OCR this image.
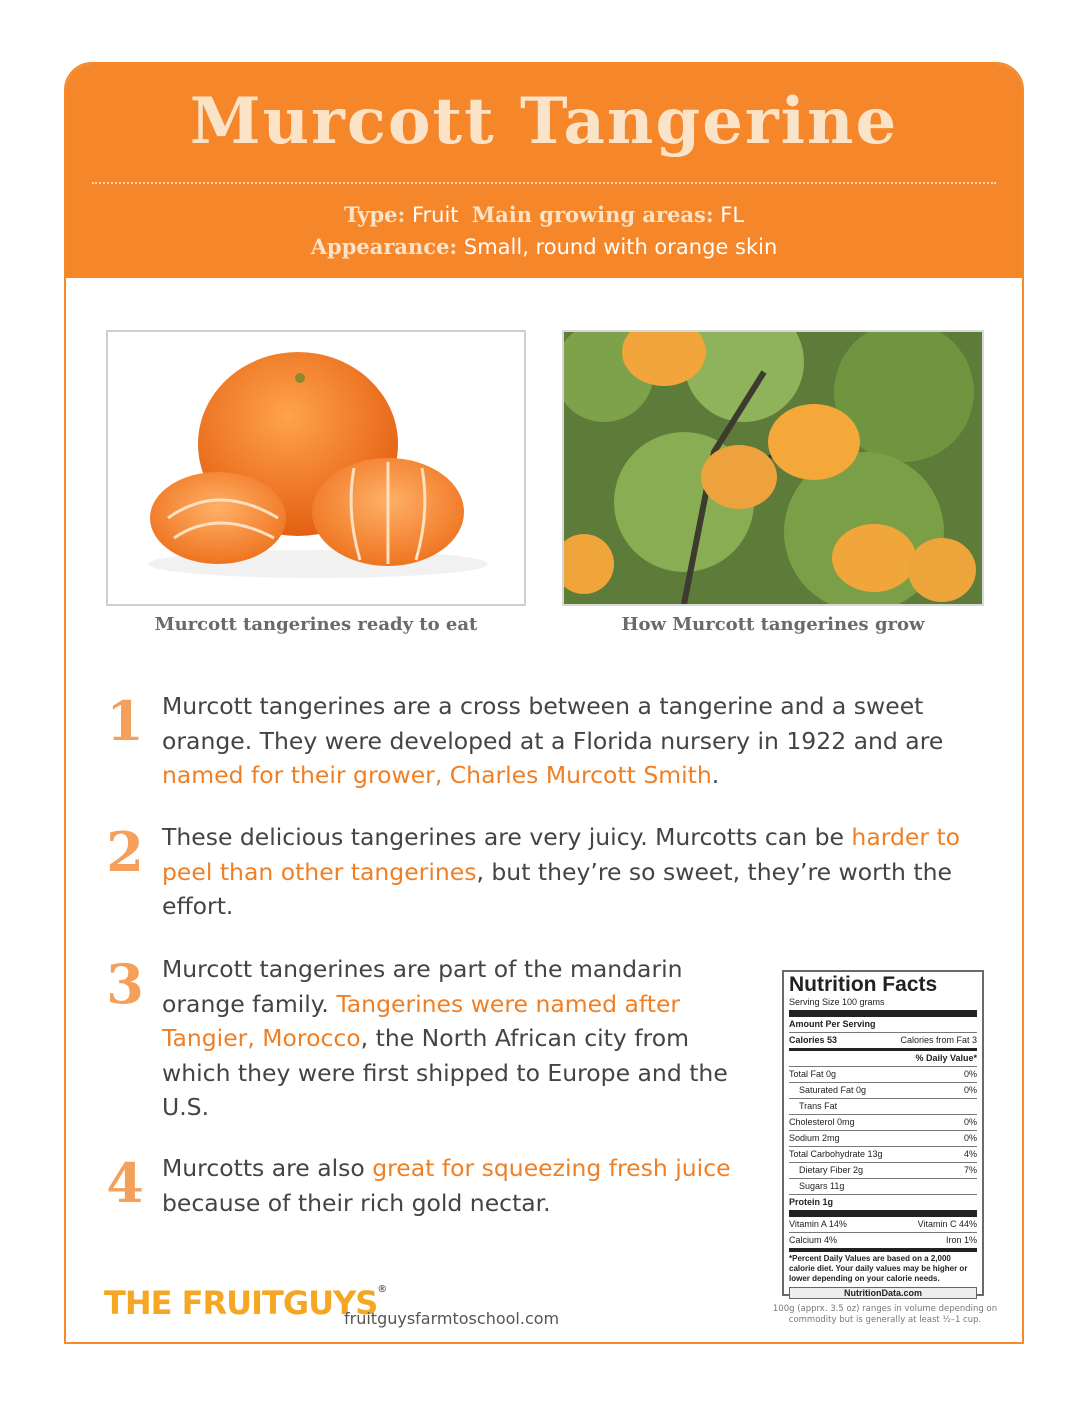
Murcott Tangerine
Type: Fruit Main growing areas: FL
Appearance: Small, round with orange skin
Murcott tangerines ready to eat	How Murcott tangerines grow
1 Murcott tangerines are a cross between a tangerine and a sweet orange. They were developed at a Florida nursery in 1922 and are named for their grower, Charles Murcott Smith.
2 These delicious tangerines are very juicy. Murcotts can be harder to peel than other tangerines, but they’re so sweet, they’re worth the effort.
3 Murcott tangerines are part of the mandarin orange family. Tangerines were named after Tangier, Morocco, the North African city from which they were first shipped to Europe and the U.S.
4 Murcotts are also great for squeezing fresh juice because of their rich gold nectar.
Nutrition Facts
Serving Size 100 grams
Amount Per Serving
Calories 53	Calories from Fat 3
% Daily Value*
Total Fat 0g	0%
Saturated Fat 0g	0%
Trans Fat
Cholesterol 0mg	0%
Sodium 2mg	0%
Total Carbohydrate 13g	4%
Dietary Fiber 2g	7%
Sugars 11g
Protein 1g
Vitamin A 14%	Vitamin C 44%
Calcium 4%	Iron 1%
*Percent Daily Values are based on a 2,000 calorie diet. Your daily values may be higher or lower depending on your calorie needs.
NutritionData.com
100g (apprx. 3.5 oz) ranges in volume depending on commodity but is generally at least ½–1 cup.
THE FRUITGUYS®
fruitguysfarmtoschool.com
